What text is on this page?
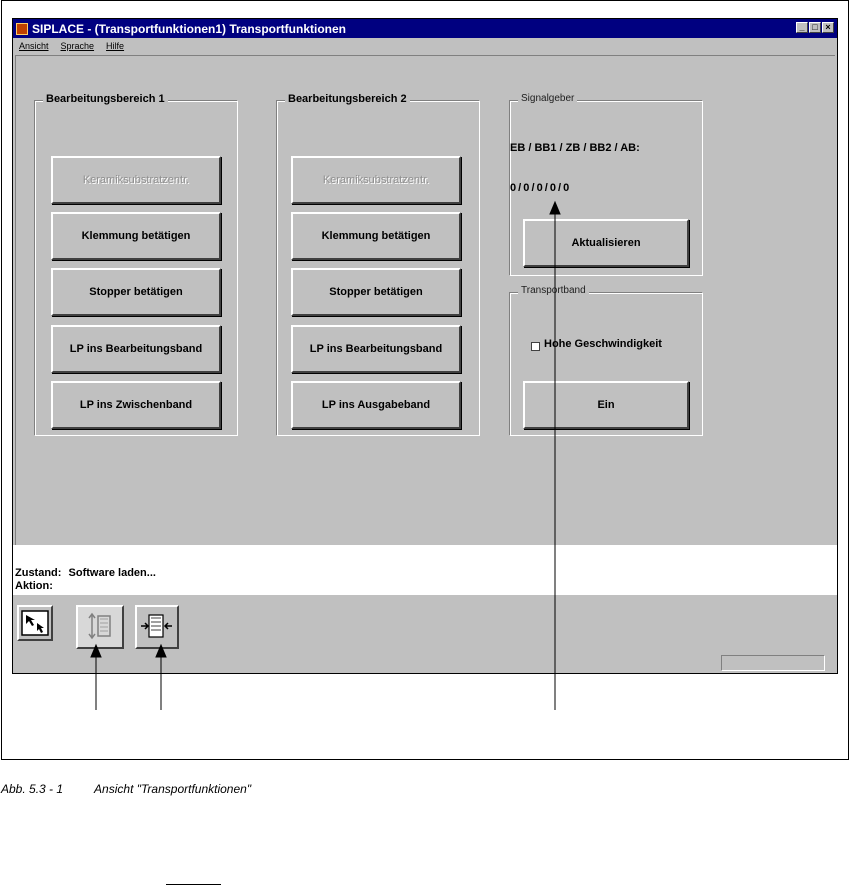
SIPLACE - (Transportfunktionen1) Transportfunktionen	_ □ ×
Ansicht Sprache Hilfe
Bearbeitungsbereich 1
Keramiksubstratzentr.
Klemmung betätigen
Stopper betätigen
LP ins Bearbeitungsband
LP ins Zwischenband
Bearbeitungsbereich 2
Keramiksubstratzentr.
Klemmung betätigen
Stopper betätigen
LP ins Bearbeitungsband
LP ins Ausgabeband
Signalgeber
EB / BB1 / ZB / BB2 / AB:
0 / 0 / 0 / 0 / 0
Aktualisieren
Transportband
Hohe Geschwindigkeit
Ein
Zustand: Software laden...
Aktion:
Abb. 5.3 - 1	Ansicht "Transportfunktionen"
